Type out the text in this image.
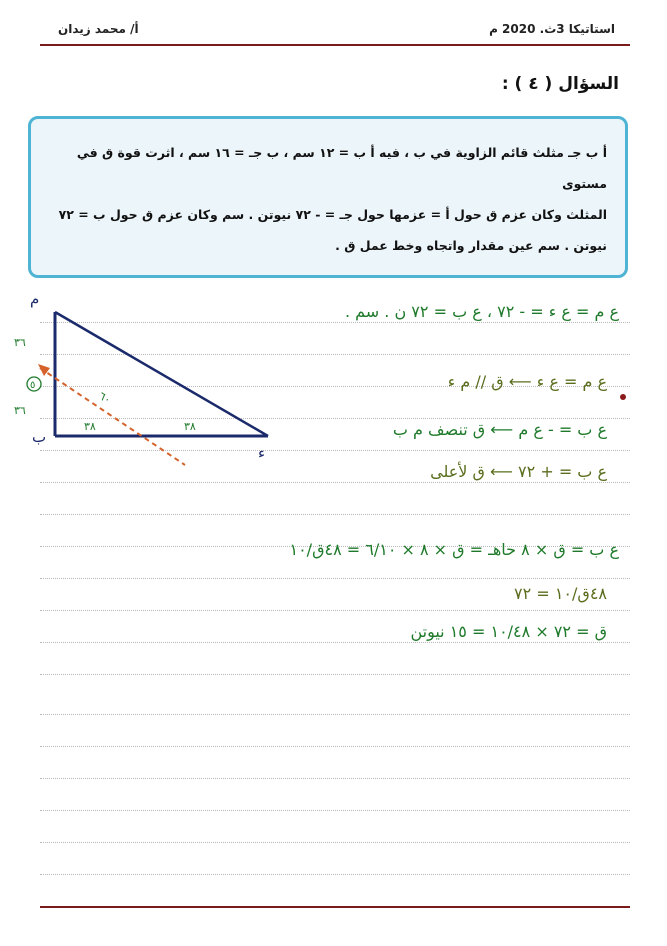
أ/ محمد زيدان	استاتيكا 3ث. 2020 م
السؤال ( ٤ ) :
أ ب جـ مثلث قائم الزاوية في ب ، فيه أ ب = ١٢ سم ، ب جـ = ١٦ سم ، اثرت قوة ق في مستوى
المثلث وكان عزم ق حول أ = عزمها حول جـ = - ٧٢ نيوتن . سم وكان عزم ق حول ب = ٧٢
نيوتن . سم عين مقدار واتجاه وخط عمل ق .
٥
م
ب
ء
٣٦
٣٦
٦٠
٣٨	٣٨
ع م = ع ء = - ٧٢ ، ع ب = ٧٢ ن . سم .
ع م = ع ء ⟵ ق // م ء
ع ب = - ع م ⟵ ق تنصف م ب
ع ب = + ٧٢ ⟵ ق لأعلى
ع ب = ق × ٨ حاهـ = ق × ٨ × ٦/١٠ = ٤٨ق/١٠
٤٨ق/١٠ = ٧٢
ق = ٧٢ × ١٠/٤٨ = ١٥ نيوتن
